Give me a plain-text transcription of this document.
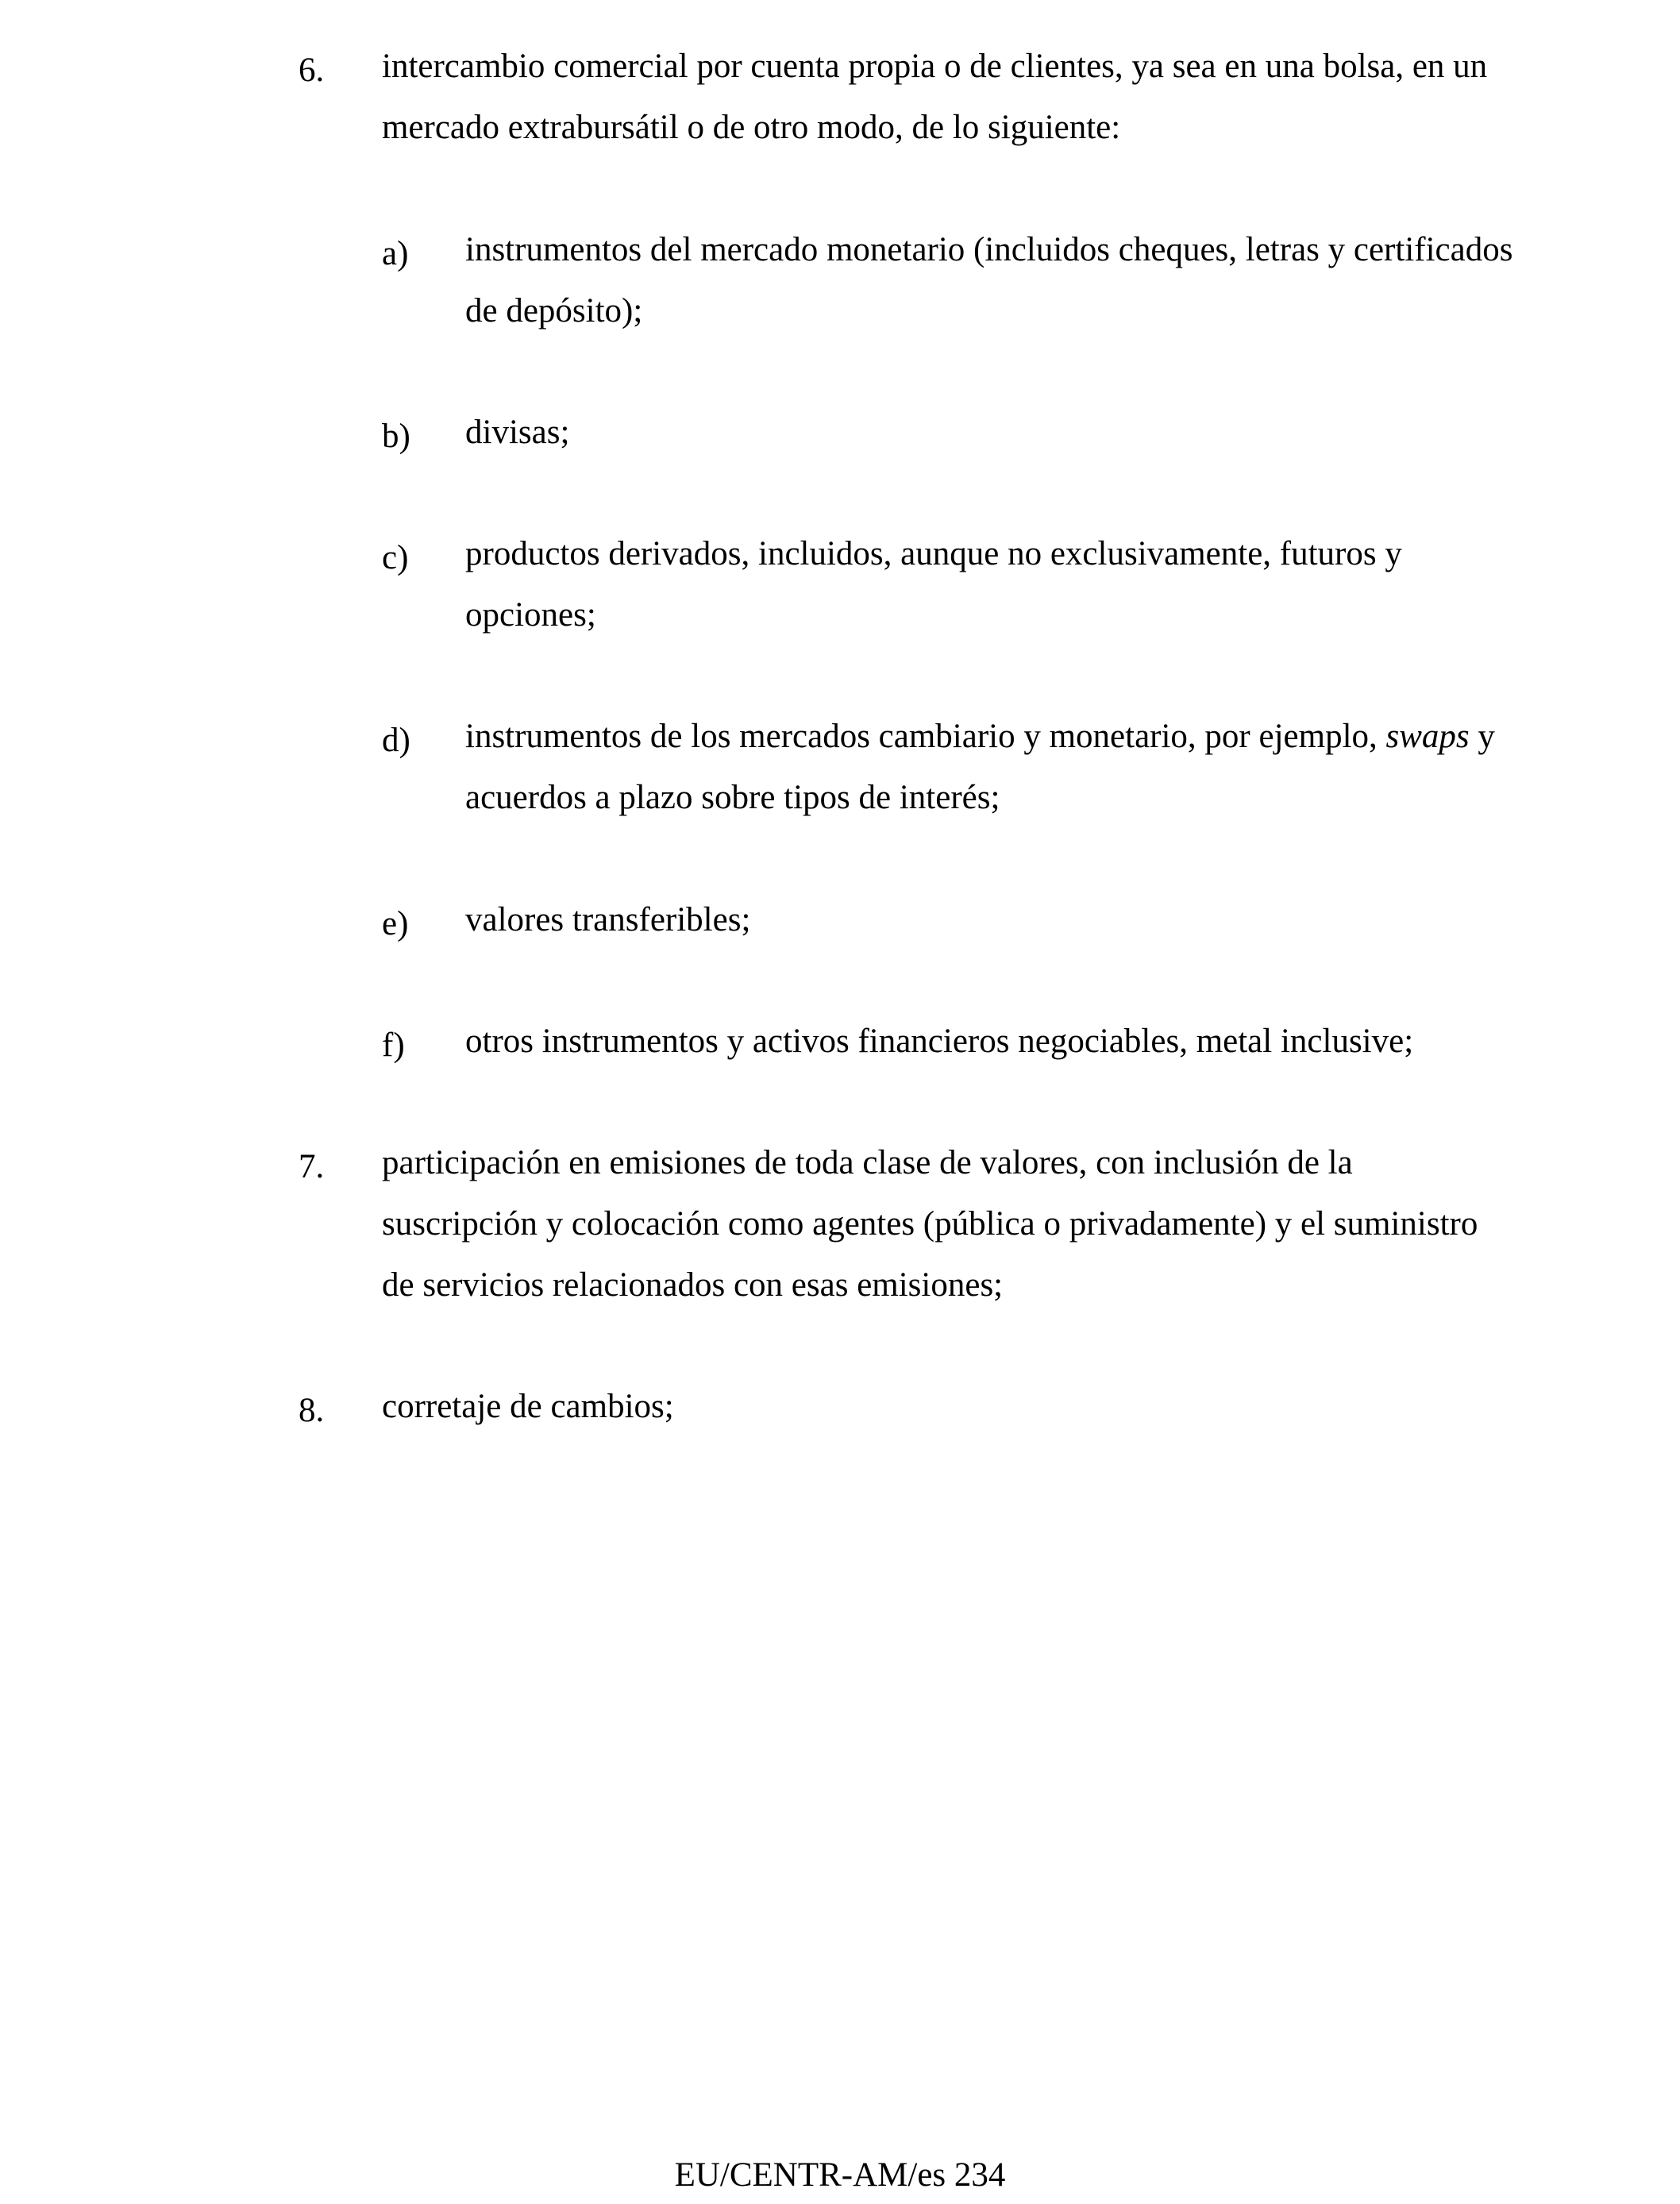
6. intercambio comercial por cuenta propia o de clientes, ya sea en una bolsa, en un
mercado extrabursátil o de otro modo, de lo siguiente:
a) instrumentos del mercado monetario (incluidos cheques, letras y certificados
de depósito);
b) divisas;
c) productos derivados, incluidos, aunque no exclusivamente, futuros y
opciones;
d) instrumentos de los mercados cambiario y monetario, por ejemplo, swaps y
acuerdos a plazo sobre tipos de interés;
e) valores transferibles;
f) otros instrumentos y activos financieros negociables, metal inclusive;
7. participación en emisiones de toda clase de valores, con inclusión de la
suscripción y colocación como agentes (pública o privadamente) y el suministro
de servicios relacionados con esas emisiones;
8. corretaje de cambios;
EU/CENTR-AM/es 234
